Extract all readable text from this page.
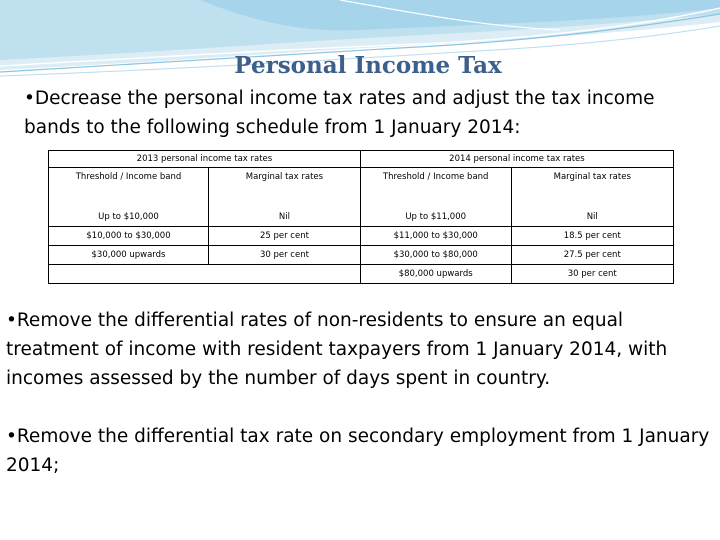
Personal Income Tax
•Decrease the personal income tax rates and adjust the tax income bands to the following schedule from 1 January 2014:
2013 personal income tax rates		2014 personal income tax rates	
Threshold / Income band	Marginal tax rates	Threshold / Income band	Marginal tax rates
Up to $10,000	Nil	Up to $11,000	Nil
$10,000 to $30,000	25 per cent	$11,000 to $30,000	18.5 per cent
$30,000 upwards	30 per cent	$30,000 to $80,000	27.5 per cent
		$80,000 upwards	30 per cent
•Remove the differential rates of non-residents to ensure an equal treatment of income with resident taxpayers from 1 January 2014, with incomes assessed by the number of days spent in country.
•Remove the differential tax rate on secondary employment from 1 January 2014;
